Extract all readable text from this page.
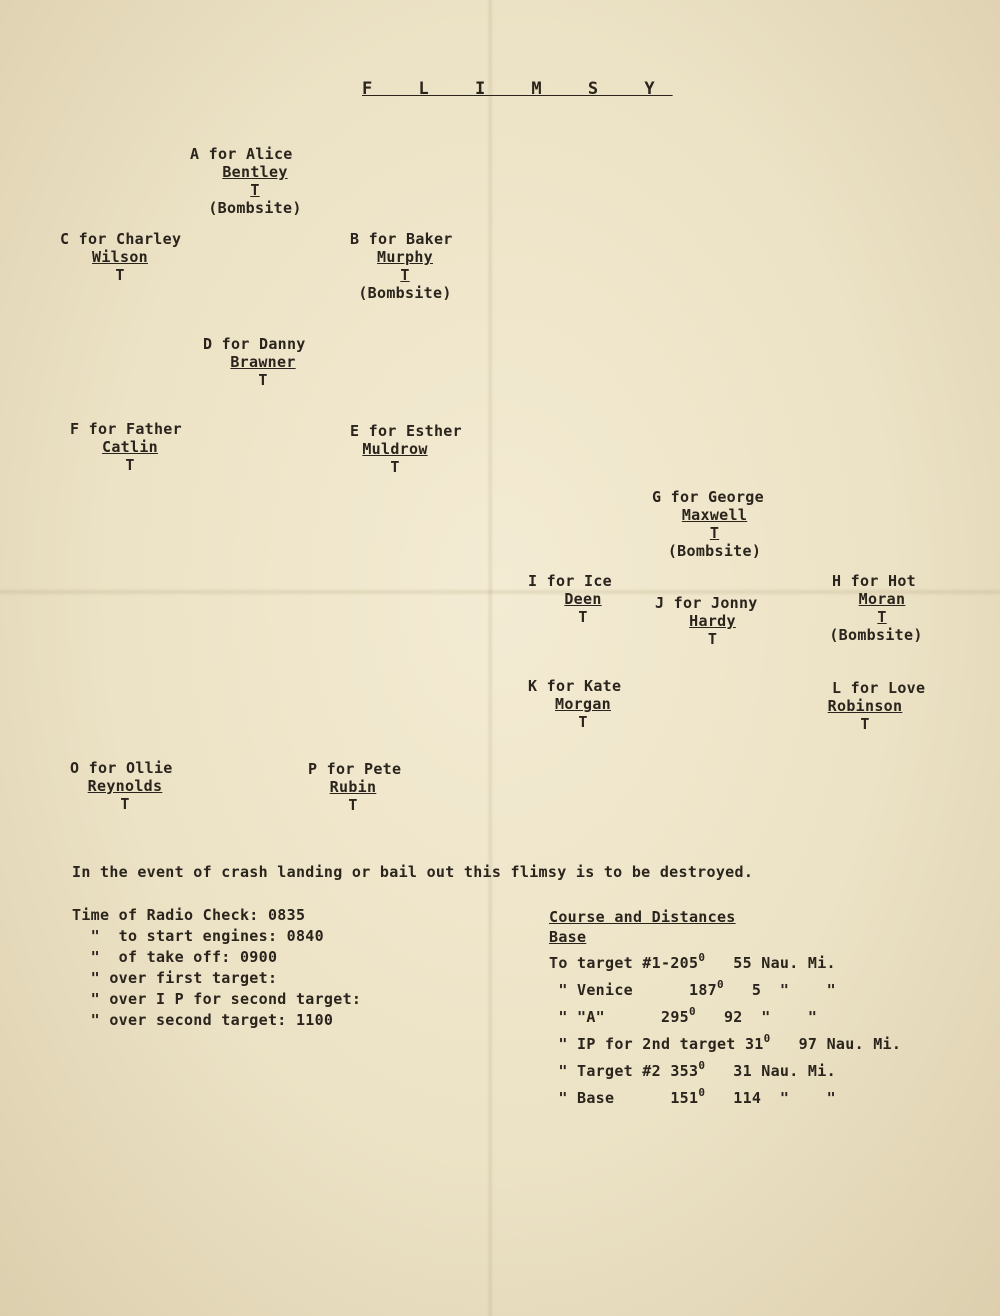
F L I M S Y
A for Alice
Bentley
T
(Bombsite)
C for Charley
Wilson
T
B for Baker
Murphy
T
(Bombsite)
D for Danny
Brawner
T
F for Father
Catlin
T
E for Esther
Muldrow
T
G for George
Maxwell
T
(Bombsite)
I for Ice
Deen
T
J for Jonny
Hardy
T
H for Hot
Moran
T
(Bombsite)
K for Kate
Morgan
T
L for Love
Robinson
T
O for Ollie
Reynolds
T
P for Pete
Rubin
T
In the event of crash landing or bail out this flimsy is to be destroyed.
Time of Radio Check: 0835
"  to start engines: 0840
"  of take off: 0900
" over first target:
" over I P for second target:
" over second target: 1100
Course and Distances
Base
To target $\#1-205^0$ 55 Nau. Mi.
" Venice	$187^0$ 5  "    "
" "A"	$295^0$ 92  "    "
" IP for 2nd target $31^0$ 97 Nau. Mi.
" Target #2 $353^0$ 31 Nau. Mi.
" Base	$151^0$ 114  "    "
